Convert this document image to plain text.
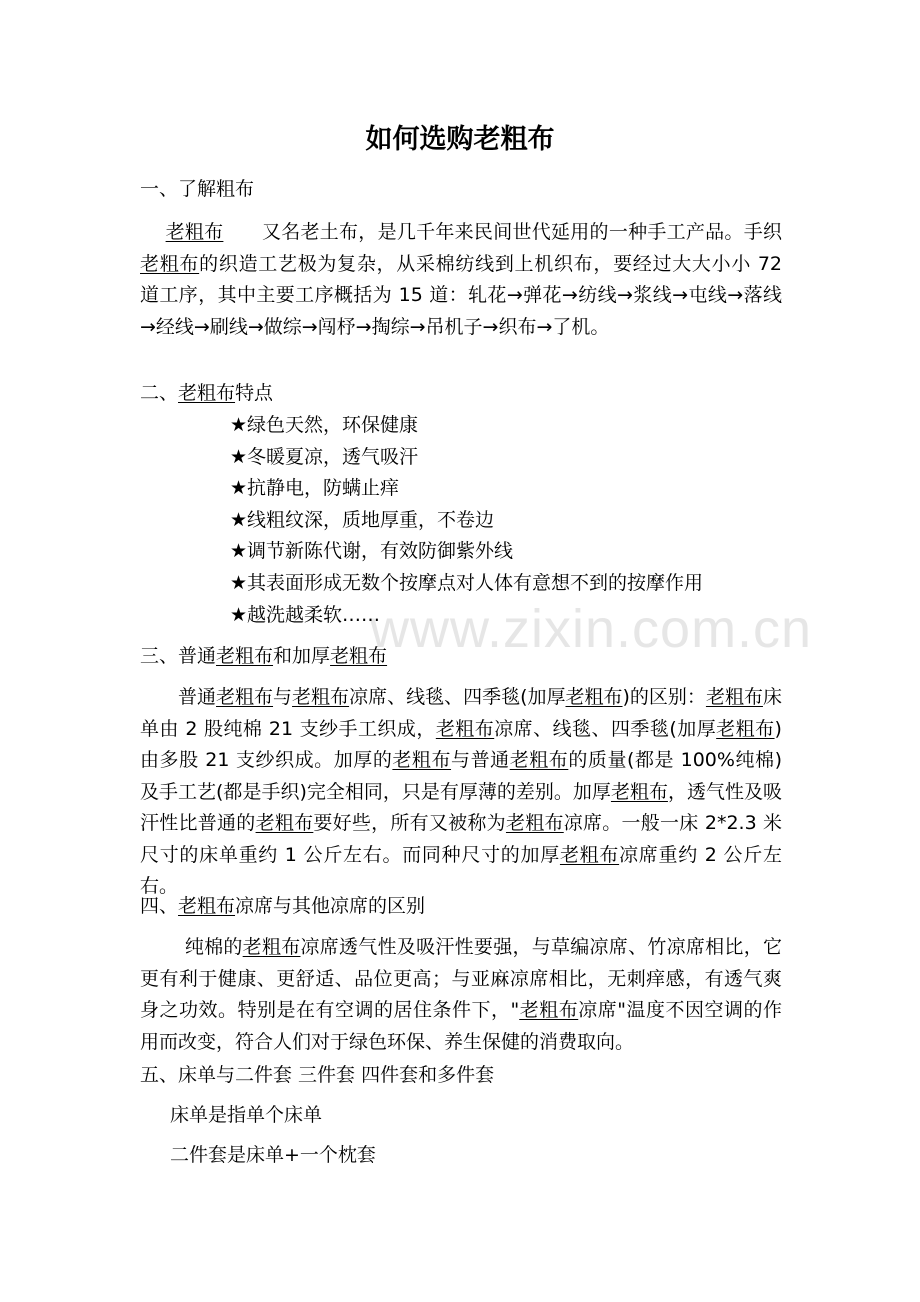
www.zixin.com.cn
如何选购老粗布

一、了解粗布

　 老粗布　　又名老土布，是几千年来民间世代延用的一种手工产品。手织老粗布的织造工艺极为复杂，从采棉纺线到上机织布，要经过大大小小 72 道工序，其中主要工序概括为 15 道：轧花→弹花→纺线→浆线→屯线→落线→经线→刷线→做综→闯杼→掏综→吊机子→织布→了机。

二、老粗布特点

★绿色天然，环保健康
★冬暖夏凉，透气吸汗
★抗静电，防螨止痒
★线粗纹深，质地厚重，不卷边
★调节新陈代谢，有效防御紫外线
★其表面形成无数个按摩点对人体有意想不到的按摩作用
★越洗越柔软……

三、普通老粗布和加厚老粗布

　　普通老粗布与老粗布凉席、线毯、四季毯(加厚老粗布)的区别：老粗布床单由 2 股纯棉 21 支纱手工织成，老粗布凉席、线毯、四季毯(加厚老粗布)由多股 21 支纱织成。加厚的老粗布与普通老粗布的质量(都是 100%纯棉)及手工艺(都是手织)完全相同，只是有厚薄的差别。加厚老粗布，透气性及吸汗性比普通的老粗布要好些，所有又被称为老粗布凉席。一般一床 2*2.3 米尺寸的床单重约 1 公斤左右。而同种尺寸的加厚老粗布凉席重约 2 公斤左右。

四、老粗布凉席与其他凉席的区别

　　 纯棉的老粗布凉席透气性及吸汗性要强，与草编凉席、竹凉席相比，它更有利于健康、更舒适、品位更高；与亚麻凉席相比，无刺痒感，有透气爽身之功效。特别是在有空调的居住条件下，"老粗布凉席"温度不因空调的作用而改变，符合人们对于绿色环保、养生保健的消费取向。

五、床单与二件套 三件套 四件套和多件套

床单是指单个床单

二件套是床单+一个枕套
